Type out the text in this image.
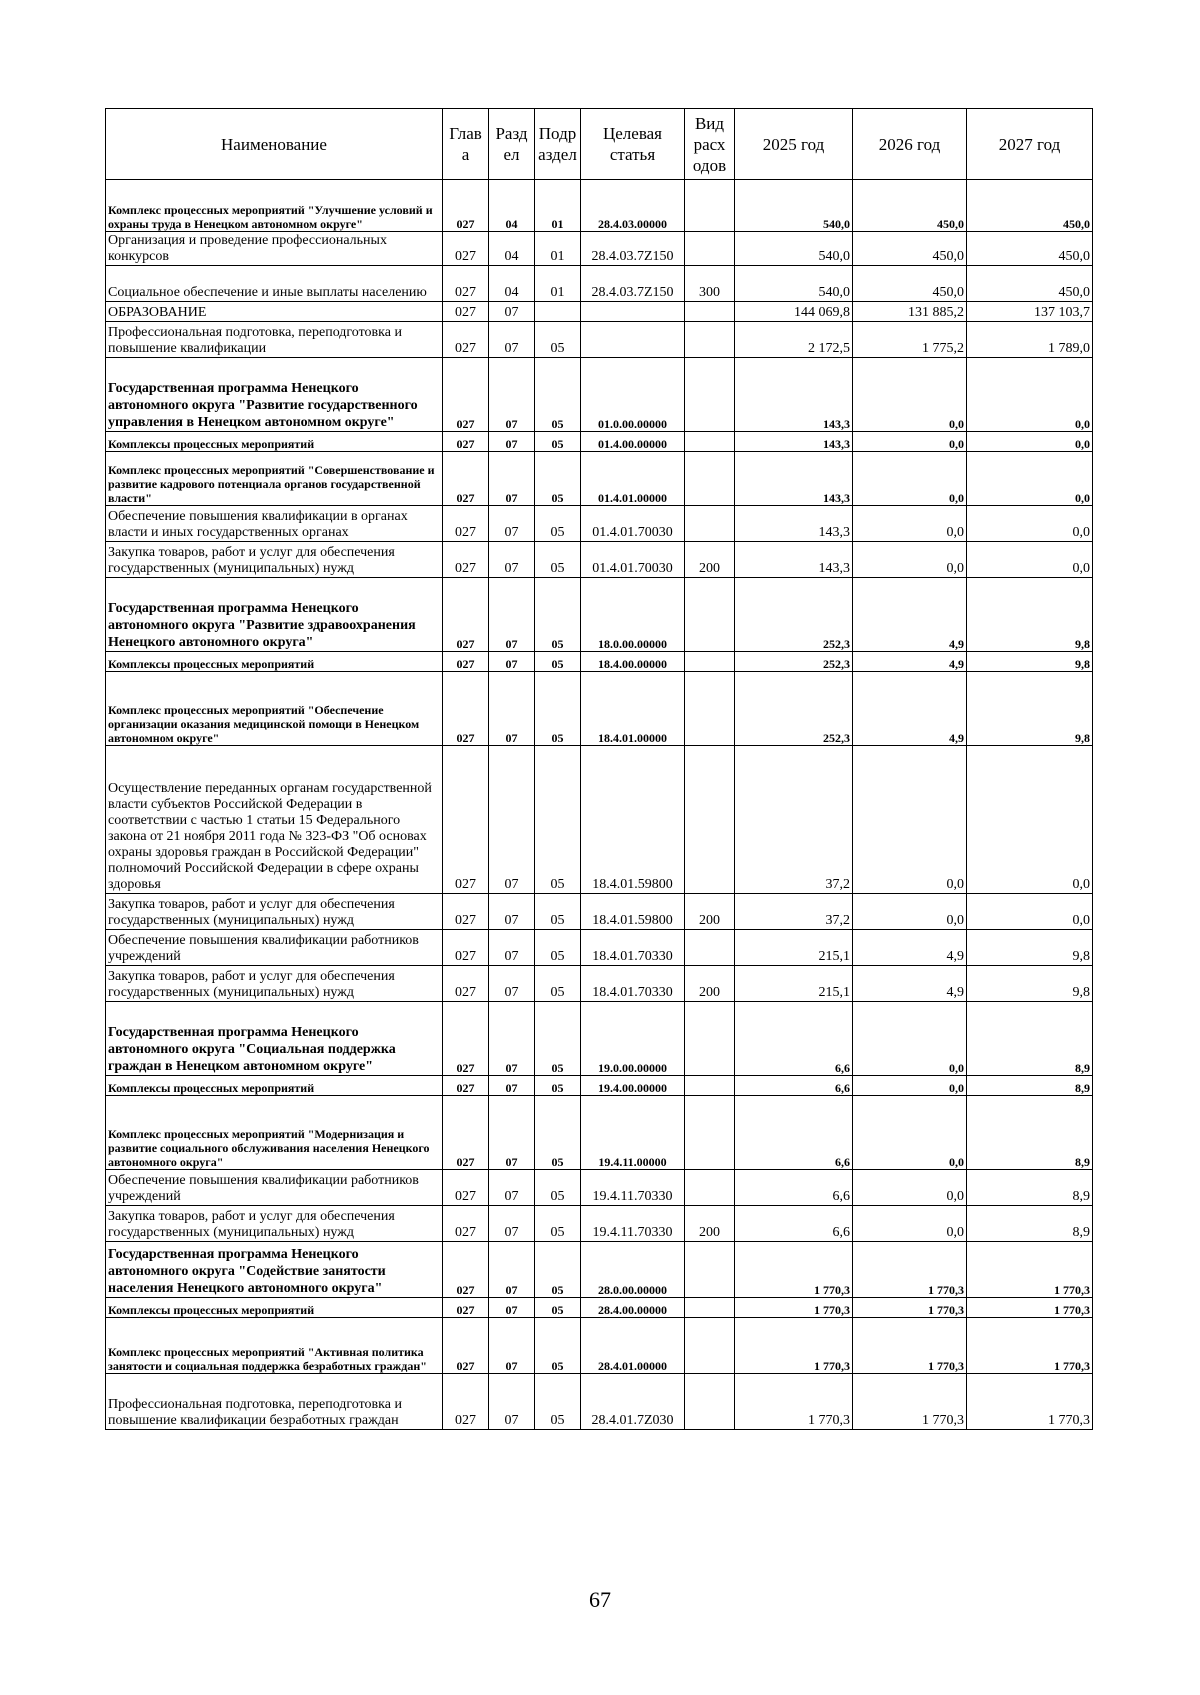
Наименование	Глав а	Разд ел	Подр аздел	Целевая статья	Вид расх одов	2025 год	2026 год	2027 год
Комплекс процессных мероприятий "Улучшение условий и охраны труда в Ненецком автономном округе"	027	04	01	28.4.03.00000		540,0	450,0	450,0
Организация и проведение профессиональных конкурсов	027	04	01	28.4.03.7Z150		540,0	450,0	450,0
Социальное обеспечение и иные выплаты населению	027	04	01	28.4.03.7Z150	300	540,0	450,0	450,0
ОБРАЗОВАНИЕ	027	07				144 069,8	131 885,2	137 103,7
Профессиональная подготовка, переподготовка и повышение квалификации	027	07	05			2 172,5	1 775,2	1 789,0
Государственная программа Ненецкого автономного округа "Развитие государственного управления в Ненецком автономном округе"	027	07	05	01.0.00.00000		143,3	0,0	0,0
Комплексы процессных мероприятий	027	07	05	01.4.00.00000		143,3	0,0	0,0
Комплекс процессных мероприятий "Совершенствование и развитие кадрового потенциала органов государственной власти"	027	07	05	01.4.01.00000		143,3	0,0	0,0
Обеспечение повышения квалификации в органах власти и иных государственных органах	027	07	05	01.4.01.70030		143,3	0,0	0,0
Закупка товаров, работ и услуг для обеспечения государственных (муниципальных) нужд	027	07	05	01.4.01.70030	200	143,3	0,0	0,0
Государственная программа Ненецкого автономного округа "Развитие здравоохранения Ненецкого автономного округа"	027	07	05	18.0.00.00000		252,3	4,9	9,8
Комплексы процессных мероприятий	027	07	05	18.4.00.00000		252,3	4,9	9,8
Комплекс процессных мероприятий "Обеспечение организации оказания медицинской помощи в Ненецком автономном округе"	027	07	05	18.4.01.00000		252,3	4,9	9,8
Осуществление переданных органам государственной власти субъектов Российской Федерации в соответствии с частью 1 статьи 15 Федерального закона от 21 ноября 2011 года № 323-ФЗ "Об основах охраны здоровья граждан в Российской Федерации" полномочий Российской Федерации в сфере охраны здоровья	027	07	05	18.4.01.59800		37,2	0,0	0,0
Закупка товаров, работ и услуг для обеспечения государственных (муниципальных) нужд	027	07	05	18.4.01.59800	200	37,2	0,0	0,0
Обеспечение повышения квалификации работников учреждений	027	07	05	18.4.01.70330		215,1	4,9	9,8
Закупка товаров, работ и услуг для обеспечения государственных (муниципальных) нужд	027	07	05	18.4.01.70330	200	215,1	4,9	9,8
Государственная программа Ненецкого автономного округа "Социальная поддержка граждан в Ненецком автономном округе"	027	07	05	19.0.00.00000		6,6	0,0	8,9
Комплексы процессных мероприятий	027	07	05	19.4.00.00000		6,6	0,0	8,9
Комплекс процессных мероприятий "Модернизация и развитие социального обслуживания населения Ненецкого автономного округа"	027	07	05	19.4.11.00000		6,6	0,0	8,9
Обеспечение повышения квалификации работников учреждений	027	07	05	19.4.11.70330		6,6	0,0	8,9
Закупка товаров, работ и услуг для обеспечения государственных (муниципальных) нужд	027	07	05	19.4.11.70330	200	6,6	0,0	8,9
Государственная программа Ненецкого автономного округа "Содействие занятости населения Ненецкого автономного округа"	027	07	05	28.0.00.00000		1 770,3	1 770,3	1 770,3
Комплексы процессных мероприятий	027	07	05	28.4.00.00000		1 770,3	1 770,3	1 770,3
Комплекс процессных мероприятий "Активная политика занятости и социальная поддержка безработных граждан"	027	07	05	28.4.01.00000		1 770,3	1 770,3	1 770,3
Профессиональная подготовка, переподготовка и повышение квалификации безработных граждан	027	07	05	28.4.01.7Z030		1 770,3	1 770,3	1 770,3
67
